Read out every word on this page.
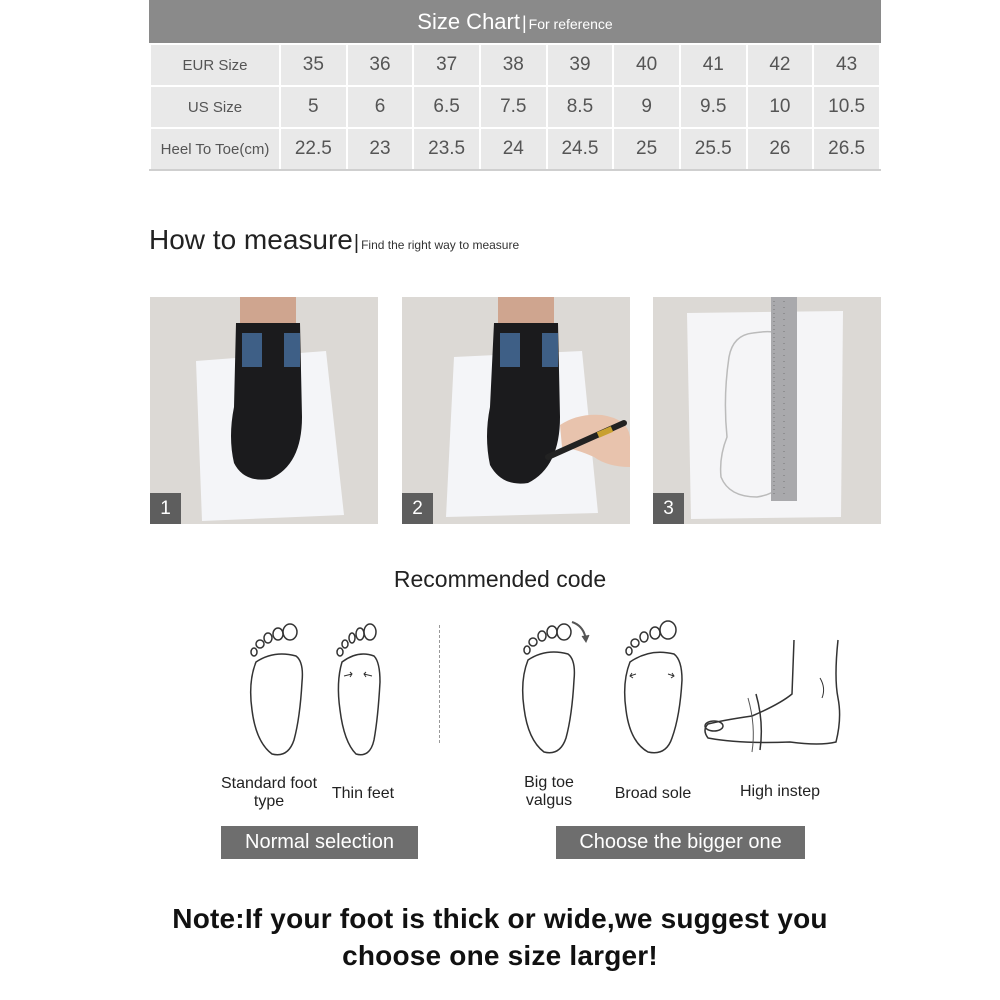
Size Chart | For reference
EUR Size	35	36	37	38	39	40	41	42	43
US Size	5	6	6.5	7.5	8.5	9	9.5	10	10.5
Heel To Toe(cm)	22.5	23	23.5	24	24.5	25	25.5	26	26.5
How to measure| Find the right way to measure
1	2	3
Recommended code
Standard foot type	Thin feet
Big toe valgus	Broad sole	High instep
Normal selection	Choose the bigger one
Note:If your foot is thick or wide,we suggest you
choose one size larger!
